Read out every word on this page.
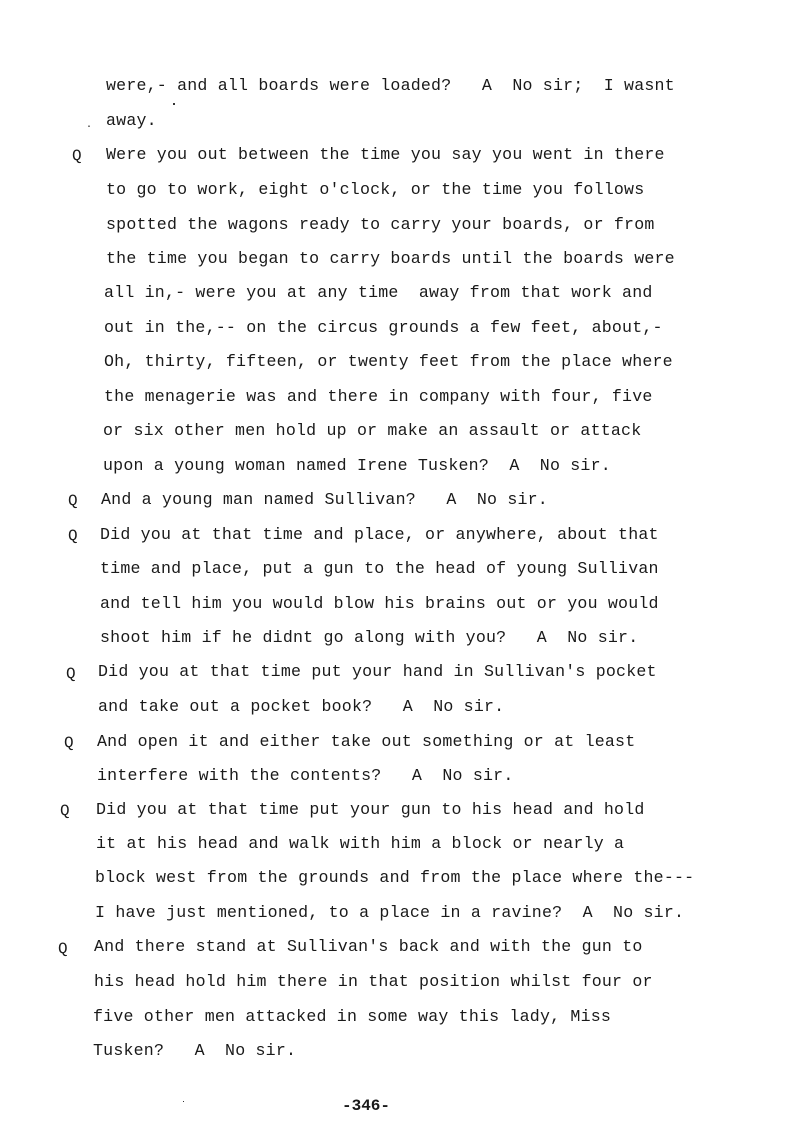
were,- and all boards were loaded?   A  No sir;  I wasnt
. away.
Q Were you out between the time you say you went in there
to go to work, eight o'clock, or the time you follows
spotted the wagons ready to carry your boards, or from
the time you began to carry boards until the boards were
all in,- were you at any time  away from that work and
out in the,-- on the circus grounds a few feet, about,-
Oh, thirty, fifteen, or twenty feet from the place where
the menagerie was and there in company with four, five
or six other men hold up or make an assault or attack
upon a young woman named Irene Tusken?  A  No sir.
Q And a young man named Sullivan?   A  No sir.
Q Did you at that time and place, or anywhere, about that
time and place, put a gun to the head of young Sullivan
and tell him you would blow his brains out or you would
shoot him if he didnt go along with you?   A  No sir.
Q Did you at that time put your hand in Sullivan's pocket
and take out a pocket book?   A  No sir.
Q And open it and either take out something or at least
interfere with the contents?   A  No sir.
Q Did you at that time put your gun to his head and hold
it at his head and walk with him a block or nearly a
block west from the grounds and from the place where the---
I have just mentioned, to a place in a ravine?  A  No sir.
Q And there stand at Sullivan's back and with the gun to
his head hold him there in that position whilst four or
five other men attacked in some way this lady, Miss
Tusken?   A  No sir.
-346-
